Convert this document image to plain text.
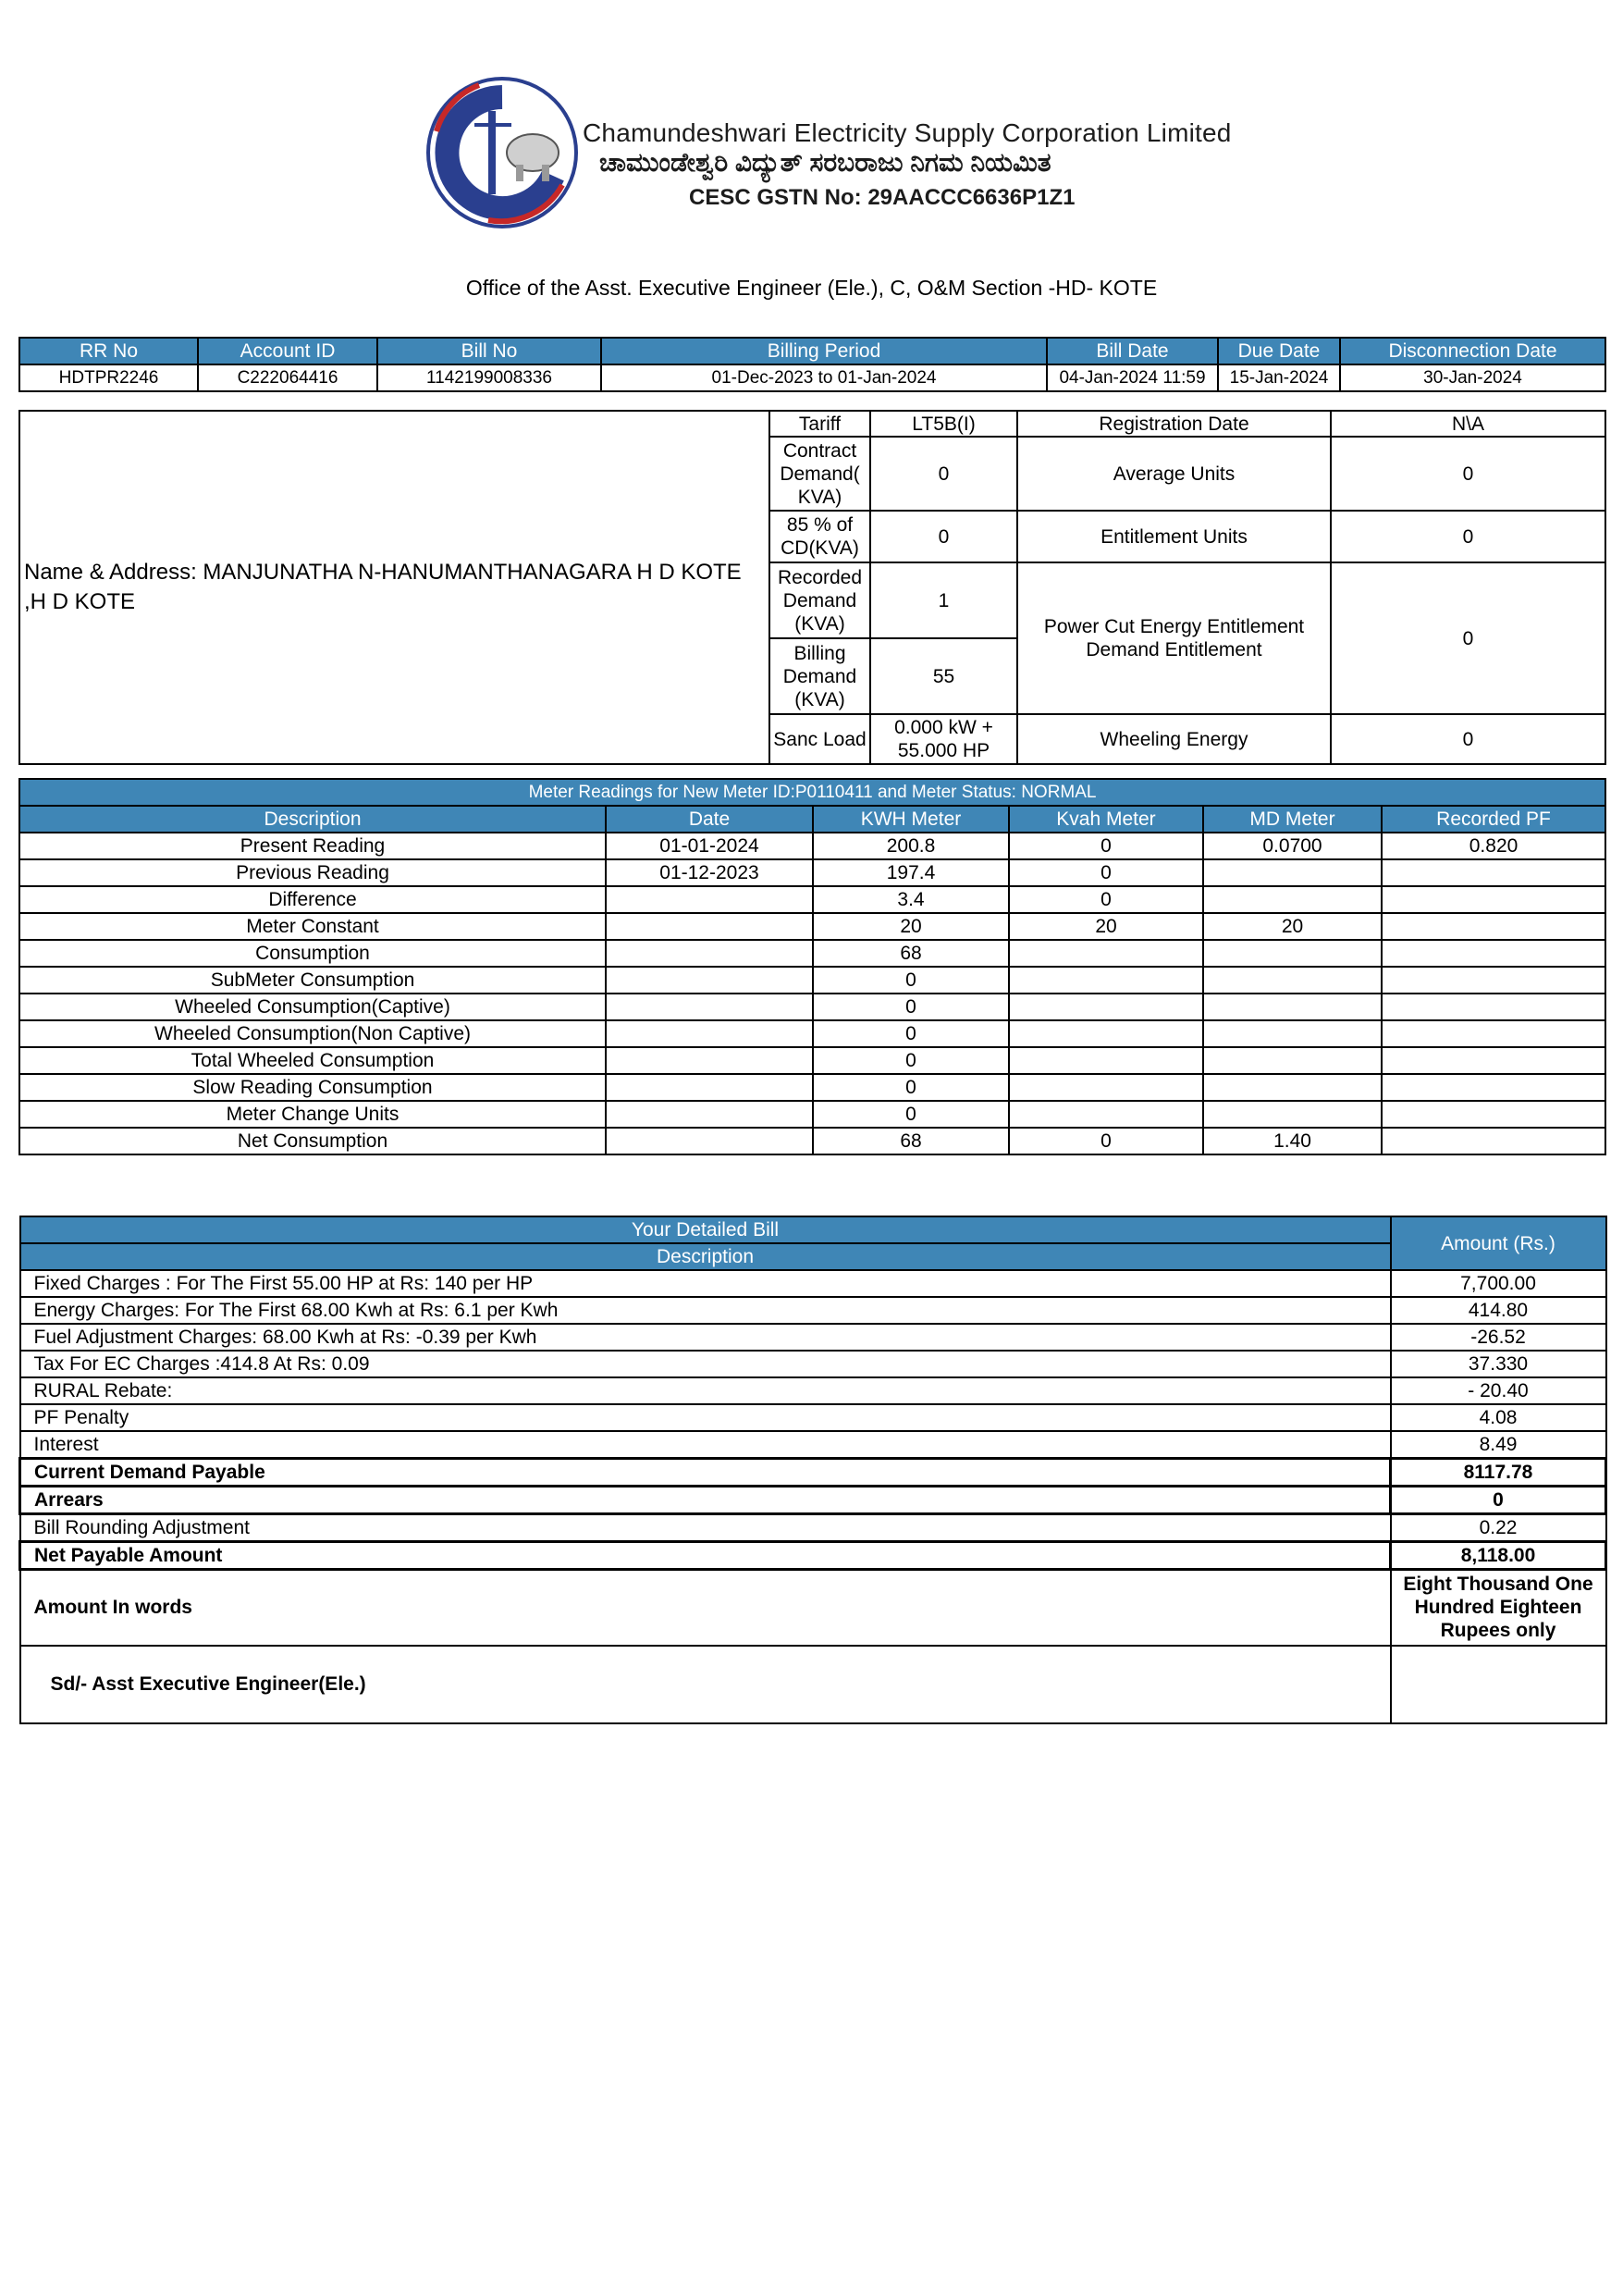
Chamundeshwari Electricity Supply Corporation Limited
ಚಾಮುಂಡೇಶ್ವರಿ ವಿದ್ಯುತ್ ಸರಬರಾಜು ನಿಗಮ ನಿಯಮಿತ
CESC GSTN No: 29AACCC6636P1Z1
Office of the Asst. Executive Engineer (Ele.), C, O&M Section -HD- KOTE
RR No	Account ID	Bill No	Billing Period	Bill Date	Due Date	Disconnection Date
HDTPR2246	C222064416	1142199008336	01-Dec-2023 to 01-Jan-2024	04-Jan-2024 11:59	15-Jan-2024	30-Jan-2024
Name & Address: MANJUNATHA N-HANUMANTHANAGARA H D KOTE ,H D KOTE	Tariff	LT5B(I)	Registration Date	N\A
	Contract Demand( KVA)	0	Average Units	0
	85 % of CD(KVA)	0	Entitlement Units	0
	Recorded Demand (KVA)	1	Power Cut Energy Entitlement Demand Entitlement	0
	Billing Demand (KVA)	55		
	Sanc Load	0.000 kW + 55.000 HP	Wheeling Energy	0
Meter Readings for New Meter ID:P0110411 and Meter Status: NORMAL					
Description	Date	KWH Meter	Kvah Meter	MD Meter	Recorded PF
Present Reading	01-01-2024	200.8	0	0.0700	0.820
Previous Reading	01-12-2023	197.4	0		
Difference		3.4	0		
Meter Constant		20	20	20	
Consumption		68			
SubMeter Consumption		0			
Wheeled Consumption(Captive)		0			
Wheeled Consumption(Non Captive)		0			
Total Wheeled Consumption		0			
Slow Reading Consumption		0			
Meter Change Units		0			
Net Consumption		68	0	1.40	
Your Detailed Bill	Amount (Rs.)
Description	
Fixed Charges : For The First 55.00 HP at Rs: 140 per HP	7,700.00
Energy Charges: For The First 68.00 Kwh at Rs: 6.1 per Kwh	414.80
Fuel Adjustment Charges: 68.00 Kwh at Rs: -0.39 per Kwh	-26.52
Tax For EC Charges :414.8 At Rs: 0.09	37.330
RURAL Rebate:	- 20.40
PF Penalty	4.08
Interest	8.49
Current Demand Payable	8117.78
Arrears	0
Bill Rounding Adjustment	0.22
Net Payable Amount	8,118.00
Amount In words	Eight Thousand One Hundred Eighteen Rupees only
Sd/- Asst Executive Engineer(Ele.)	
